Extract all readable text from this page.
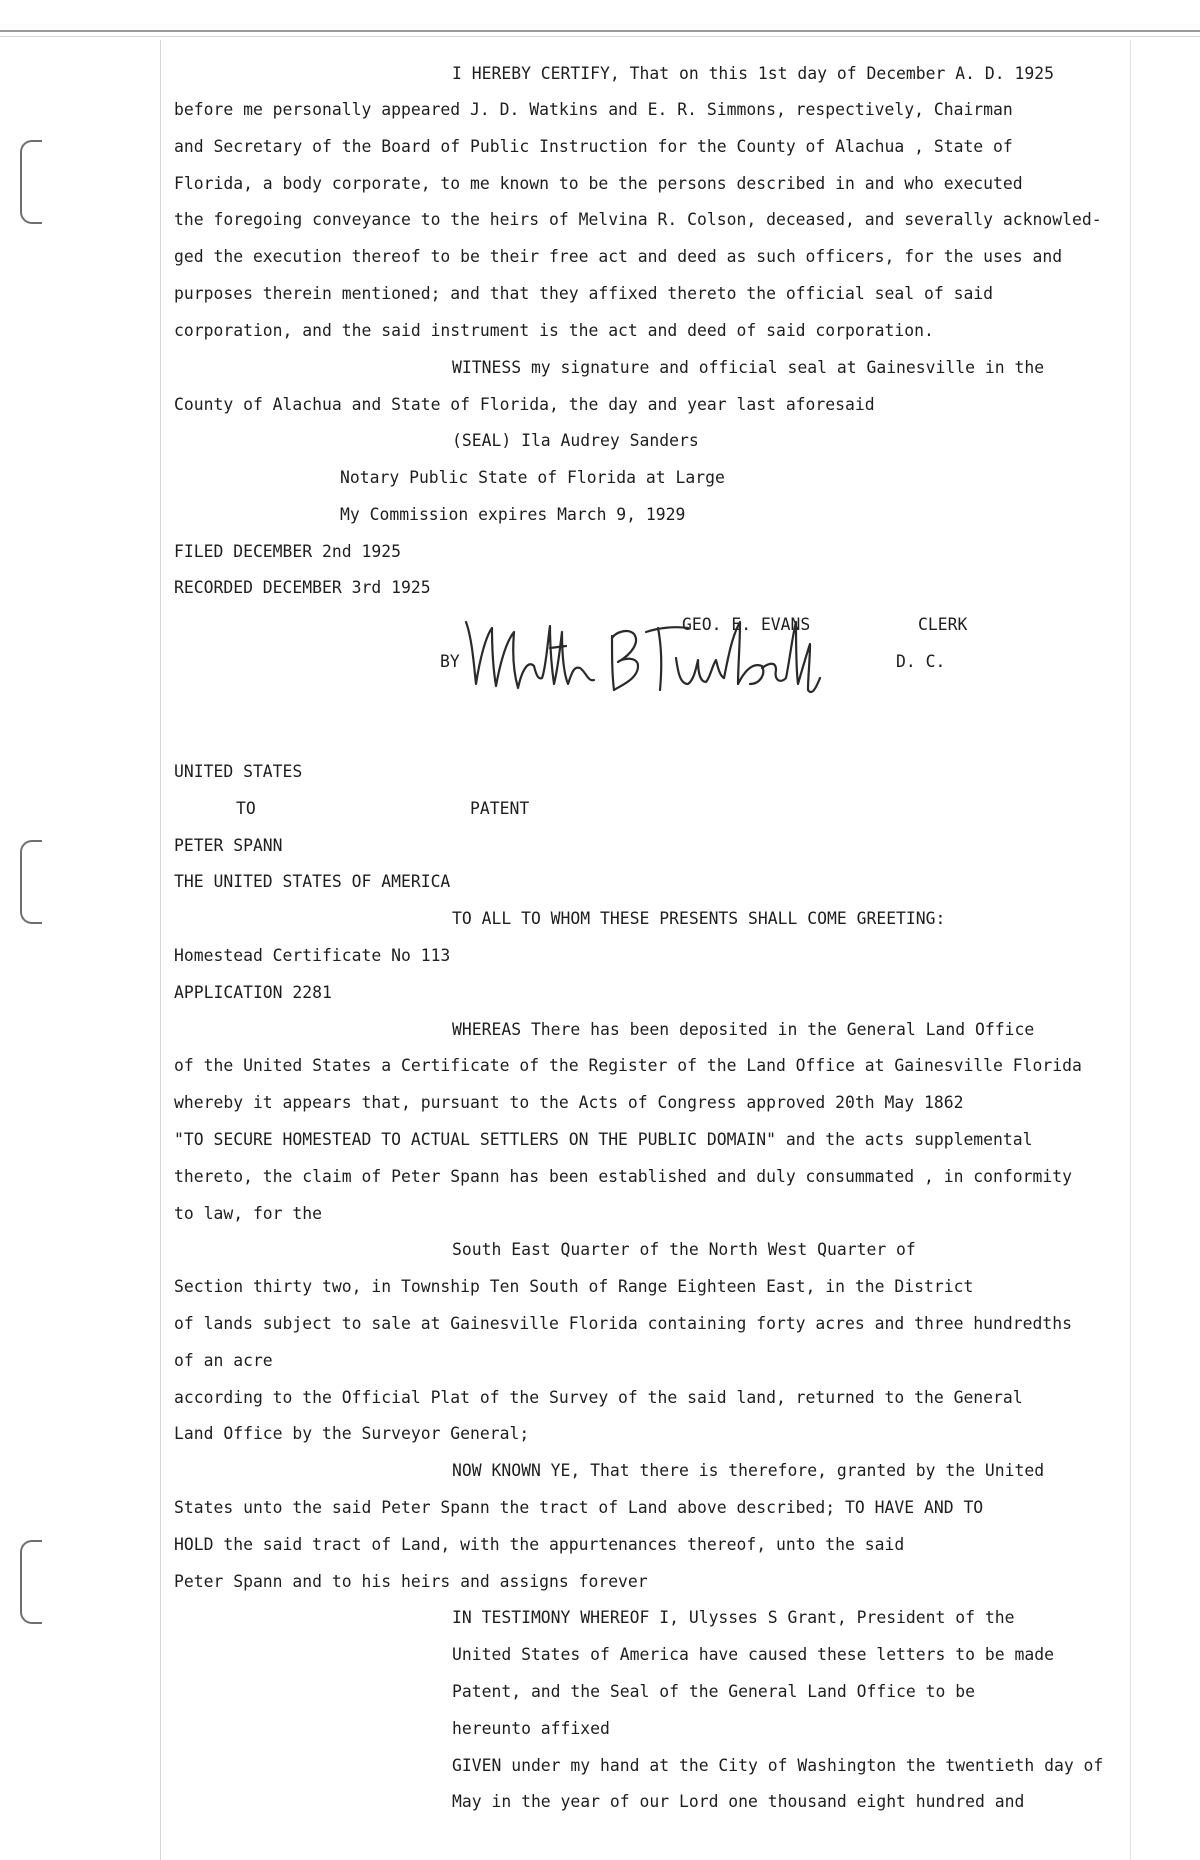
I HEREBY CERTIFY, That on this 1st day of December A. D. 1925
before me personally appeared J. D. Watkins and E. R. Simmons, respectively, Chairman
and Secretary of the Board of Public Instruction for the County of Alachua , State of
Florida, a body corporate, to me known to be the persons described in and who executed
the foregoing conveyance to the heirs of Melvina R. Colson, deceased, and severally acknowled-
ged the execution thereof to be their free act and deed as such officers, for the uses and
purposes therein mentioned; and that they affixed thereto the official seal of said
corporation, and the said instrument is the act and deed of said corporation.
WITNESS my signature and official seal at Gainesville in the
County of Alachua and State of Florida, the day and year last aforesaid
(SEAL) Ila Audrey Sanders
Notary Public State of Florida at Large
My Commission expires March 9, 1929
FILED DECEMBER 2nd 1925
RECORDED DECEMBER 3rd 1925
GEO. E. EVANS	CLERK
BY	D. C.
UNITED STATES
TO	PATENT
PETER SPANN
THE UNITED STATES OF AMERICA
TO ALL TO WHOM THESE PRESENTS SHALL COME GREETING:
Homestead Certificate No 113
APPLICATION 2281
WHEREAS There has been deposited in the General Land Office
of the United States a Certificate of the Register of the Land Office at Gainesville Florida
whereby it appears that, pursuant to the Acts of Congress approved 20th May 1862
"TO SECURE HOMESTEAD TO ACTUAL SETTLERS ON THE PUBLIC DOMAIN" and the acts supplemental
thereto, the claim of Peter Spann has been established and duly consummated , in conformity
to law, for the
South East Quarter of the North West Quarter of
Section thirty two, in Township Ten South of Range Eighteen East, in the District
of lands subject to sale at Gainesville Florida containing forty acres and three hundredths
of an acre
according to the Official Plat of the Survey of the said land, returned to the General
Land Office by the Surveyor General;
NOW KNOWN YE, That there is therefore, granted by the United
States unto the said Peter Spann the tract of Land above described; TO HAVE AND TO
HOLD the said tract of Land, with the appurtenances thereof, unto the said
Peter Spann and to his heirs and assigns forever
IN TESTIMONY WHEREOF I, Ulysses S Grant, President of the
United States of America have caused these letters to be made
Patent, and the Seal of the General Land Office to be
hereunto affixed
GIVEN under my hand at the City of Washington the twentieth day of
May in the year of our Lord one thousand eight hundred and
